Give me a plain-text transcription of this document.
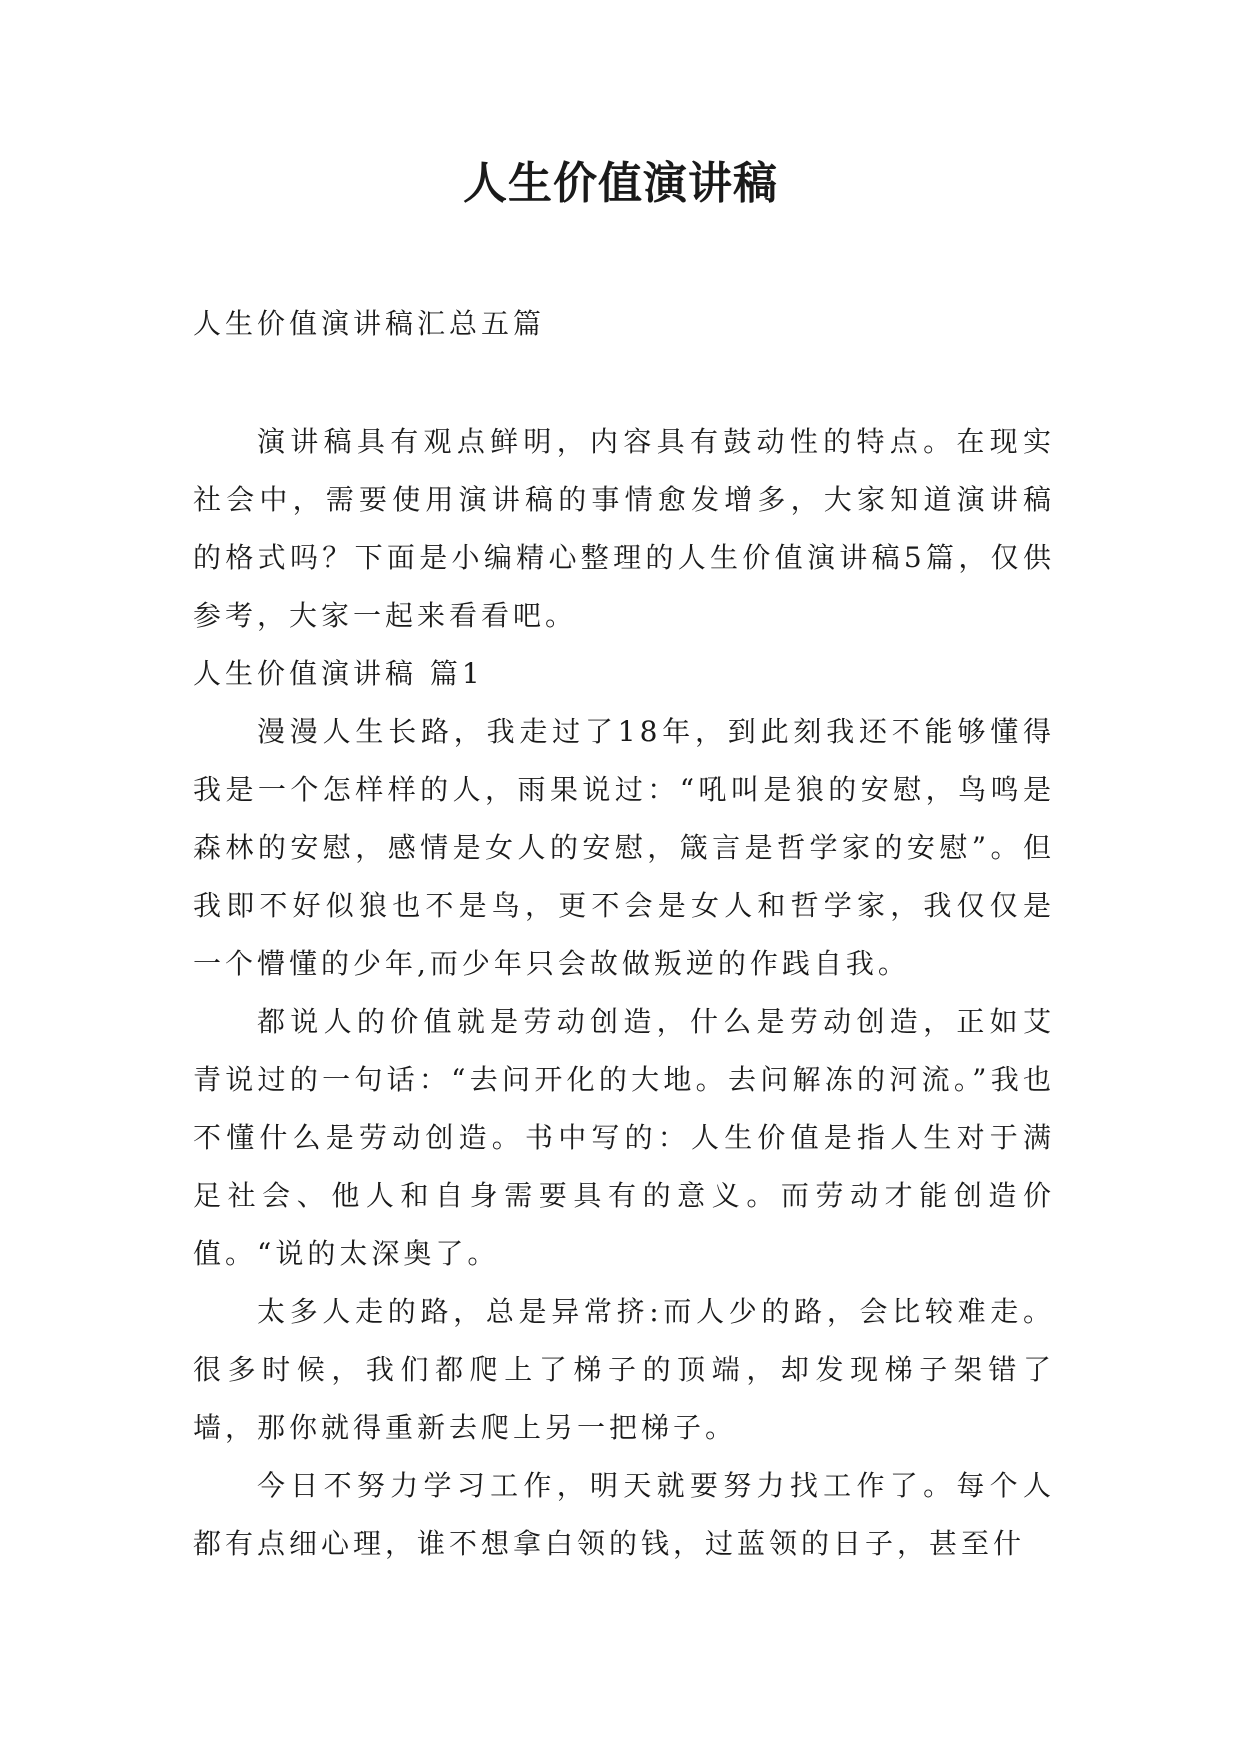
人生价值演讲稿

人生价值演讲稿汇总五篇

演讲稿具有观点鲜明，内容具有鼓动性的特点。在现实社会中，需要使用演讲稿的事情愈发增多，大家知道演讲稿的格式吗？下面是小编精心整理的人生价值演讲稿5篇，仅供参考，大家一起来看看吧。

人生价值演讲稿 篇1

漫漫人生长路，我走过了18年，到此刻我还不能够懂得我是一个怎样样的人，雨果说过：“吼叫是狼的安慰，鸟鸣是森林的安慰，感情是女人的安慰，箴言是哲学家的安慰”。但我即不好似狼也不是鸟，更不会是女人和哲学家，我仅仅是一个懵懂的少年,而少年只会故做叛逆的作践自我。

都说人的价值就是劳动创造，什么是劳动创造，正如艾青说过的一句话：“去问开化的大地。去问解冻的河流。”我也不懂什么是劳动创造。书中写的：人生价值是指人生对于满足社会、他人和自身需要具有的意义。而劳动才能创造价值。“说的太深奥了。

太多人走的路，总是异常挤:而人少的路，会比较难走。很多时候，我们都爬上了梯子的顶端，却发现梯子架错了墙，那你就得重新去爬上另一把梯子。

今日不努力学习工作，明天就要努力找工作了。每个人都有点细心理，谁不想拿白领的钱，过蓝领的日子，甚至什
